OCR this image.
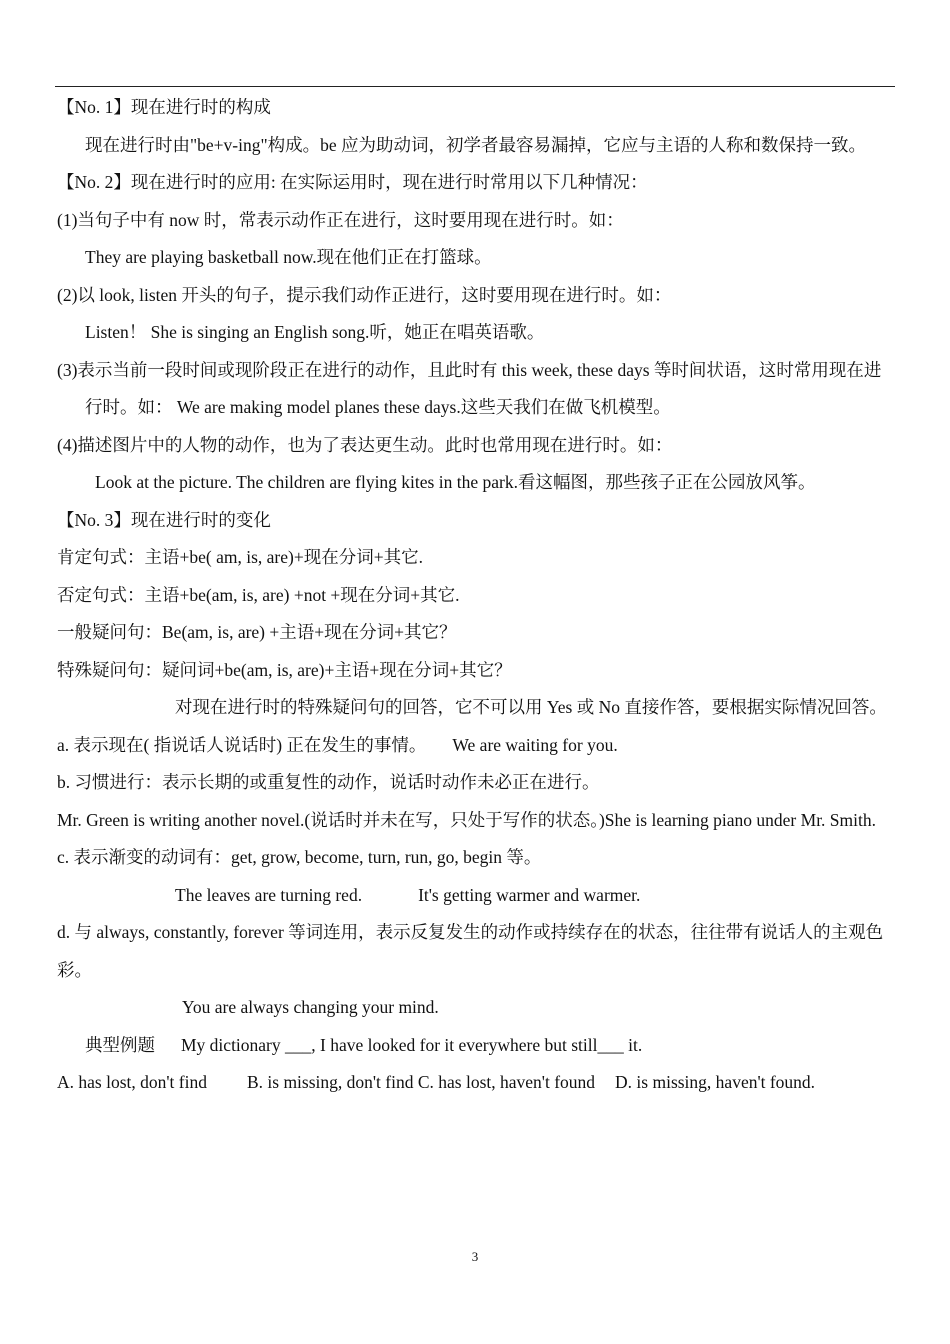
【No. 1】现在进行时的构成

现在进行时由"be+v-ing"构成。be 应为助动词，初学者最容易漏掉，它应与主语的人称和数保持一致。

【No. 2】现在进行时的应用: 在实际运用时，现在进行时常用以下几种情况：

(1)当句子中有 now 时，常表示动作正在进行，这时要用现在进行时。如：

They are playing basketball now.现在他们正在打篮球。

(2)以 look, listen 开头的句子，提示我们动作正进行，这时要用现在进行时。如：

Listen！ She is singing an English song.听，她正在唱英语歌。

(3)表示当前一段时间或现阶段正在进行的动作，且此时有 this week, these days 等时间状语，这时常用现在进行时。如： We are making model planes these days.这些天我们在做飞机模型。

(4)描述图片中的人物的动作，也为了表达更生动。此时也常用现在进行时。如：

Look at the picture. The children are flying kites in the park.看这幅图，那些孩子正在公园放风筝。

【No. 3】现在进行时的变化

肯定句式：主语+be( am, is, are)+现在分词+其它.

否定句式：主语+be(am, is, are) +not +现在分词+其它.

一般疑问句：Be(am, is, are) +主语+现在分词+其它？

特殊疑问句：疑问词+be(am, is, are)+主语+现在分词+其它？

对现在进行时的特殊疑问句的回答，它不可以用 Yes 或 No 直接作答，要根据实际情况回答。

a. 表示现在( 指说话人说话时) 正在发生的事情。 We are waiting for you.

b. 习惯进行：表示长期的或重复性的动作，说话时动作未必正在进行。

Mr. Green is writing another novel.(说话时并未在写，只处于写作的状态。)She is learning piano under Mr. Smith.

c. 表示渐变的动词有：get, grow, become, turn, run, go, begin 等。

The leaves are turning red.	It's getting warmer and warmer.

d. 与 always, constantly, forever 等词连用，表示反复发生的动作或持续存在的状态，往往带有说话人的主观色彩。

You are always changing your mind.

典型例题 My dictionary ___, I have looked for it everywhere but still___ it.

A. has lost, don't find B. is missing, don't find C. has lost, haven't found D. is missing, haven't found.

3
